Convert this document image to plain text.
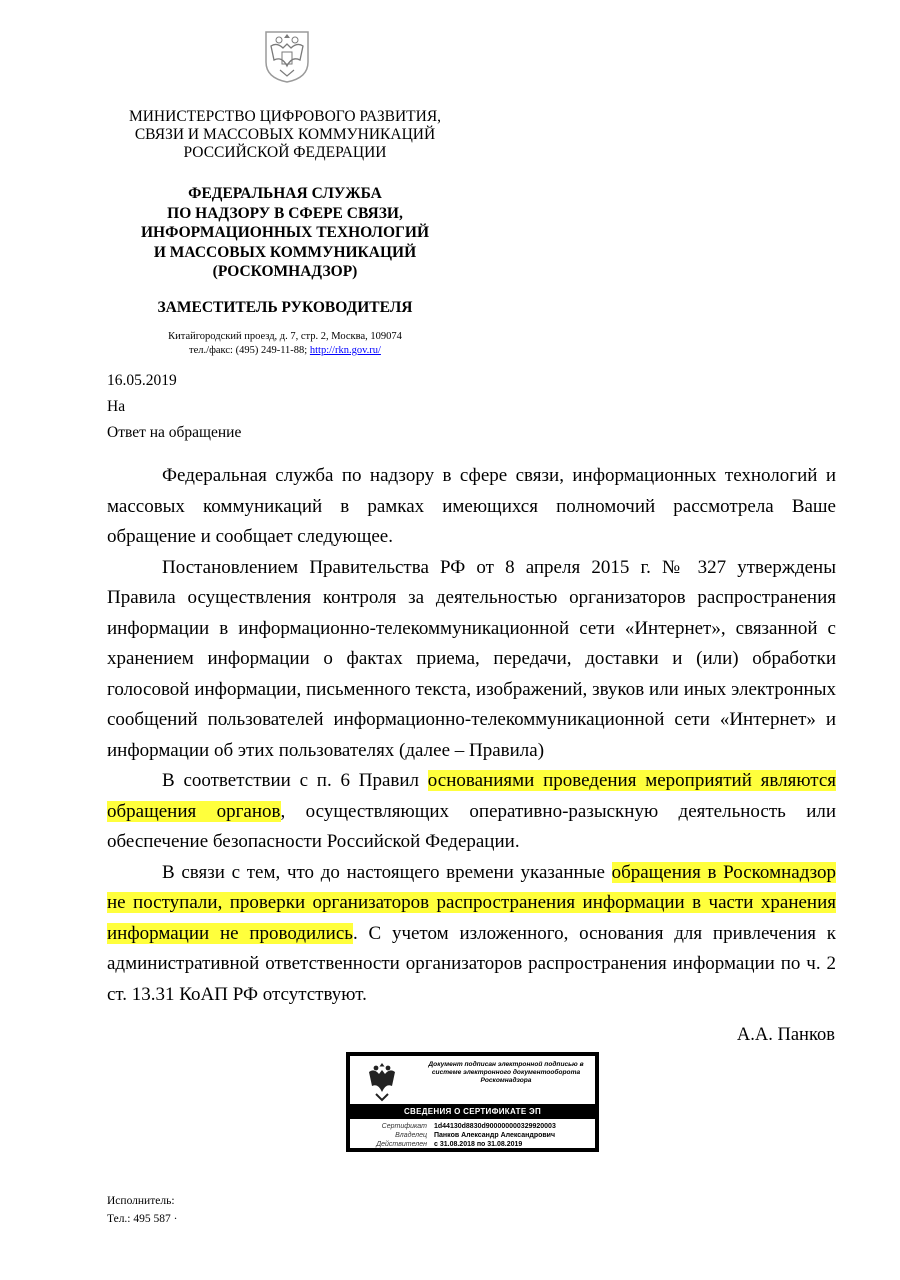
МИНИСТЕРСТВО ЦИФРОВОГО РАЗВИТИЯ,
СВЯЗИ И МАССОВЫХ КОММУНИКАЦИЙ
РОССИЙСКОЙ ФЕДЕРАЦИИ
ФЕДЕРАЛЬНАЯ СЛУЖБА
ПО НАДЗОРУ В СФЕРЕ СВЯЗИ,
ИНФОРМАЦИОННЫХ ТЕХНОЛОГИЙ
И МАССОВЫХ КОММУНИКАЦИЙ
(РОСКОМНАДЗОР)
ЗАМЕСТИТЕЛЬ РУКОВОДИТЕЛЯ
Китайгородский проезд, д. 7, стр. 2, Москва, 109074
тел./факс: (495) 249-11-88; http://rkn.gov.ru/
16.05.2019
На
Ответ на обращение

Федеральная служба по надзору в сфере связи, информационных технологий и массовых коммуникаций в рамках имеющихся полномочий рассмотрела Ваше обращение и сообщает следующее.

Постановлением Правительства РФ от 8 апреля 2015 г. № 327 утверждены Правила осуществления контроля за деятельностью организаторов распространения информации в информационно-телекоммуникационной сети «Интернет», связанной с хранением информации о фактах приема, передачи, доставки и (или) обработки голосовой информации, письменного текста, изображений, звуков или иных электронных сообщений пользователей информационно-телекоммуникационной сети «Интернет» и информации об этих пользователях (далее – Правила)

В соответствии с п. 6 Правил основаниями проведения мероприятий являются обращения органов, осуществляющих оперативно-разыскную деятельность или обеспечение безопасности Российской Федерации.

В связи с тем, что до настоящего времени указанные обращения в Роскомнадзор не поступали, проверки организаторов распространения информации в части хранения информации не проводились. С учетом изложенного, основания для привлечения к административной ответственности организаторов распространения информации по ч. 2 ст. 13.31 КоАП РФ отсутствуют.

А.А. Панков
Документ подписан электронной подписью в системе электронного документооборота Роскомнадзора
СВЕДЕНИЯ О СЕРТИФИКАТЕ ЭП
Сертификат 1d44130d8830d900000000329920003
Владелец Панков Александр Александрович
Действителен с 31.08.2018 по 31.08.2019
Исполнитель:
Тел.: 495 587 ·
